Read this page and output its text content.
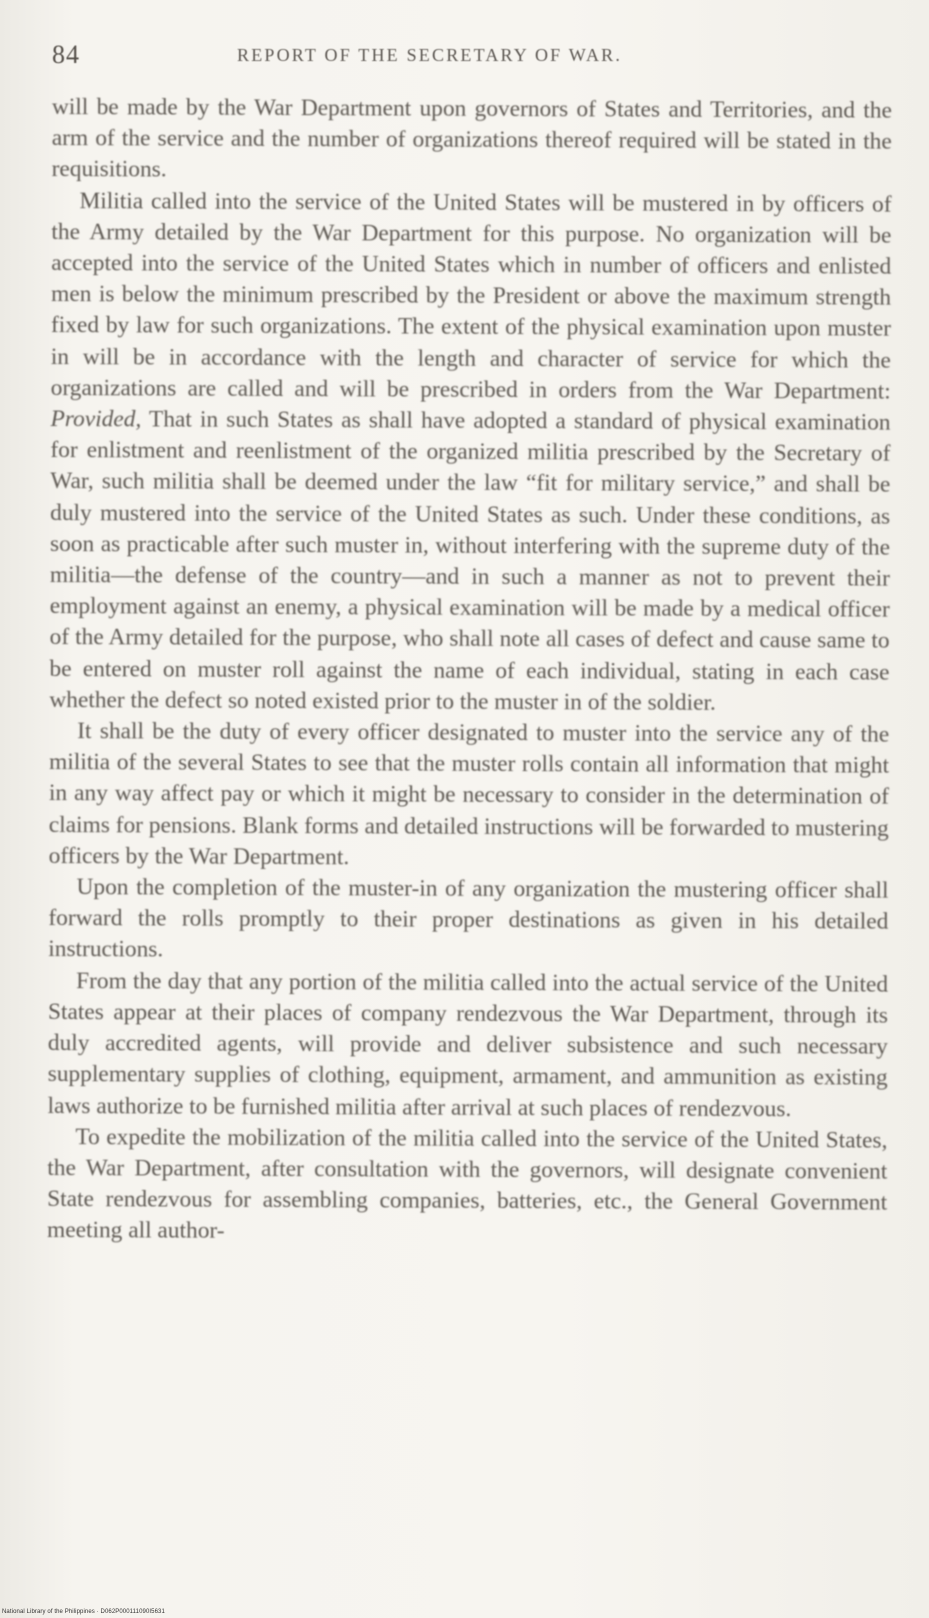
84	REPORT OF THE SECRETARY OF WAR.

will be made by the War Department upon governors of States and Territories, and the arm of the service and the number of organizations thereof required will be stated in the requisitions.

Militia called into the service of the United States will be mustered in by officers of the Army detailed by the War Department for this purpose. No organization will be accepted into the service of the United States which in number of officers and enlisted men is below the minimum prescribed by the President or above the maximum strength fixed by law for such organizations. The extent of the physical examination upon muster in will be in accordance with the length and character of service for which the organizations are called and will be prescribed in orders from the War Department: Provided, That in such States as shall have adopted a standard of physical examination for enlistment and reenlistment of the organized militia prescribed by the Secretary of War, such militia shall be deemed under the law “fit for military service,” and shall be duly mustered into the service of the United States as such. Under these conditions, as soon as practicable after such muster in, without interfering with the supreme duty of the militia—the defense of the country—and in such a manner as not to prevent their employment against an enemy, a physical examination will be made by a medical officer of the Army detailed for the purpose, who shall note all cases of defect and cause same to be entered on muster roll against the name of each individual, stating in each case whether the defect so noted existed prior to the muster in of the soldier.

It shall be the duty of every officer designated to muster into the service any of the militia of the several States to see that the muster rolls contain all information that might in any way affect pay or which it might be necessary to consider in the determination of claims for pensions. Blank forms and detailed instructions will be forwarded to mustering officers by the War Department.

Upon the completion of the muster-in of any organization the mustering officer shall forward the rolls promptly to their proper destinations as given in his detailed instructions.

From the day that any portion of the militia called into the actual service of the United States appear at their places of company rendezvous the War Department, through its duly accredited agents, will provide and deliver subsistence and such necessary supplementary supplies of clothing, equipment, armament, and ammunition as existing laws authorize to be furnished militia after arrival at such places of rendezvous.

To expedite the mobilization of the militia called into the service of the United States, the War Department, after consultation with the governors, will designate convenient State rendezvous for assembling companies, batteries, etc., the General Government meeting all author-

National Library of the Philippines · D062P000111090I5631
